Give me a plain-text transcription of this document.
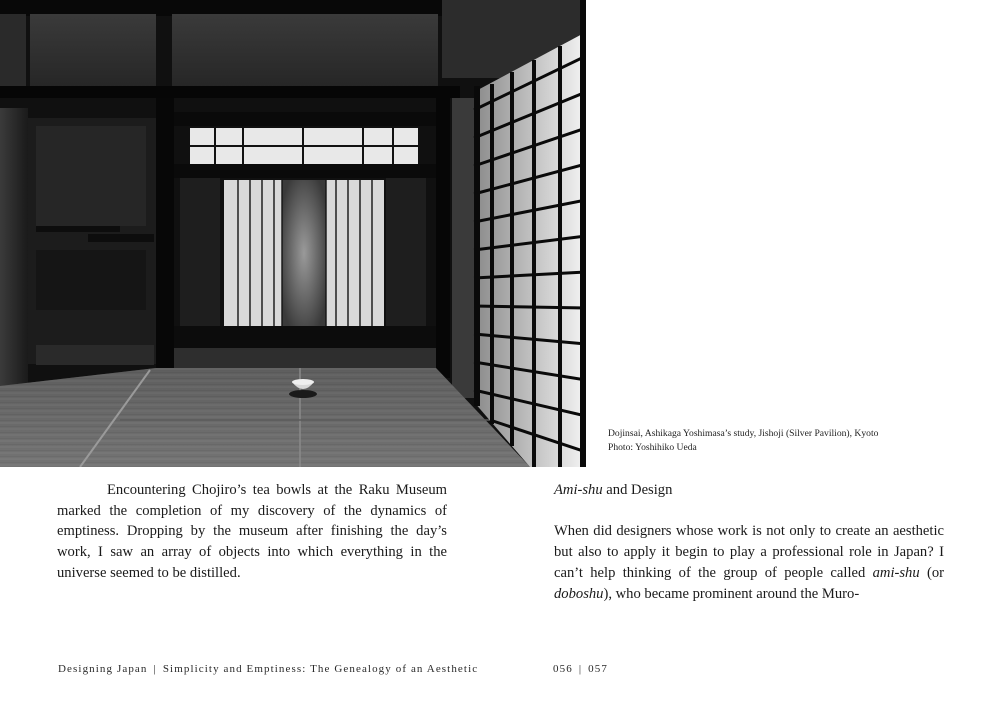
Dojinsai, Ashikaga Yoshimasa’s study, Jishoji (Silver Pavilion), Kyoto
Photo: Yoshihiko Ueda
Encountering Chojiro’s tea bowls at the Raku Museum marked the completion of my discovery of the dynamics of emptiness. Dropping by the museum after finishing the day’s work, I saw an array of objects into which everything in the universe seemed to be distilled.
Ami-shu and Design

When did designers whose work is not only to create an aesthetic but also to apply it begin to play a professional role in Japan? I can’t help thinking of the group of people called ami-shu (or doboshu), who became prominent around the Muro-

Designing Japan | Simplicity and Emptiness: The Genealogy of an Aesthetic	056 | 057
